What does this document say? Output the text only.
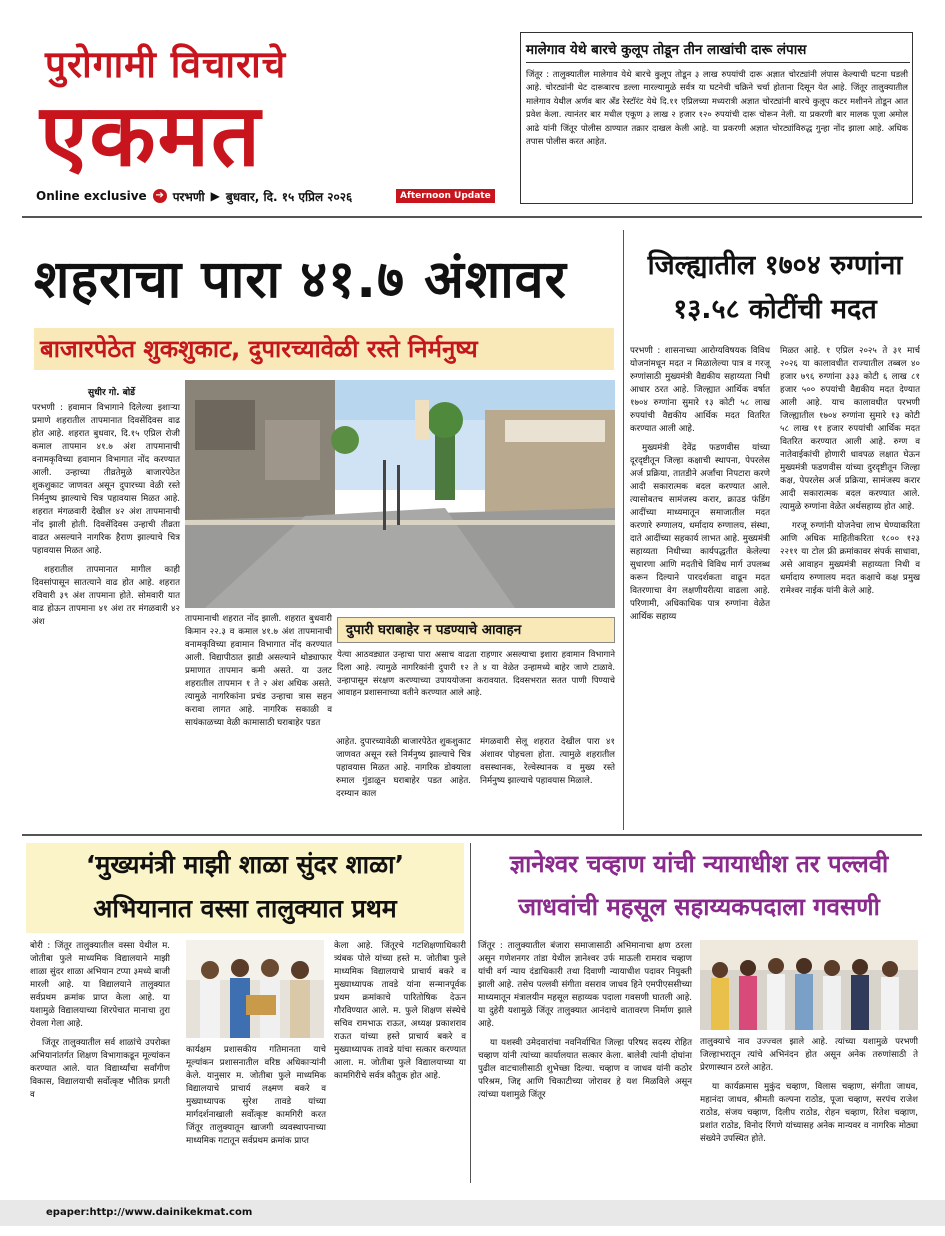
पुरोगामी विचाराचे
एकमत
Online exclusive ➔ परभणी ▶ बुधवार, दि. १५ एप्रिल २०२६	Afternoon Update
मालेगाव येथे बारचे कुलूप तोडून तीन लाखांची दारू लंपास

जिंतूर : तालुक्यातील मालेगाव येथे बारचे कुलूप तोडून ३ लाख रुपयांची दारू अज्ञात चोरट्यांनी लंपास केल्याची घटना घडली आहे. चोरट्यांनी थेट दारूबारच डल्ला मारल्यामुळे सर्वत्र या घटनेची चक्रिने चर्चा होताना दिसून येत आहे. जिंतूर तालुक्यातील मालेगाव येथील अर्णव बार अँड रेस्टॉरंट येथे दि.११ एप्रिलच्या मध्यरात्री अज्ञात चोरट्यांनी बारचे कुलूप कटर मशीनने तोडून आत प्रवेश केला. त्यानंतर बार मधील एकूण ३ लाख २ हजार १२० रुपयांची दारू चोरून नेली. या प्रकरणी बार मालक पूजा अमोल आढे यांनी जिंतूर पोलीस ठाण्यात तक्रार दाखल केली आहे. या प्रकरणी अज्ञात चोरट्यांविरुद्ध गुन्हा नोंद झाला आहे. अधिक तपास पोलीस करत आहेत.

शहराचा पारा ४१.७ अंशावर
बाजारपेठेत शुकशुकाट, दुपारच्यावेळी रस्ते निर्मनुष्य
सुधीर गो. बोर्डे

परभणी : हवामान विभागाने दिलेल्या इशाऱ्या प्रमाणे शहरातील तापमानात दिवसेंदिवस वाढ होत आहे. शहरात बुधवार, दि.१५ एप्रिल रोजी कमाल तापमान ४१.७ अंश तापमानाची वनामकृविच्या हवामान विभागात नोंद करण्यात आली. उन्हाच्या तीव्रतेमुळे बाजारपेठेत शुकशुकाट जाणवत असून दुपारच्या वेळी रस्ते निर्मनुष्य झाल्याचे चित्र पहावयास मिळत आहे. शहरात मंगळवारी देखील ४२ अंश तापमानाची नोंद झाली होती. दिवसेंदिवस उन्हाची तीव्रता वाढत असल्याने नागरिक हैराण झाल्याचे चित्र पहावयास मिळत आहे.

शहरातील तापमानात मागील काही दिवसांपासून सातत्याने वाढ होत आहे. शहरात रविवारी ३९ अंश तापमाना होते. सोमवारी यात वाढ होऊन तापमाना ४१ अंश तर मंगळवारी ४२ अंश	तापमानाची शहरात नोंद झाली. शहरात बुधवारी किमान २२.३ व कमाल ४१.७ अंश तापमानाची वनामकृविच्या हवामान विभागात नोंद करण्यात आली. विद्यापीठात झाडी असल्याने थोड्याफार प्रमाणात तापमान कमी असते. या उलट शहरातील तापमान १ ते २ अंश अधिक असते. त्यामुळे नागरिकांना प्रचंड उन्हाचा त्रास सहन करावा लागत आहे. नागरिक सकाळी व सायंकाळच्या वेळी कामासाठी घराबाहेर पडत

दुपारी घराबाहेर न पडण्याचे आवाहन

येत्या आठवड्यात उन्हाचा पारा असाच वाढता राहणार असल्याचा इशारा हवामान विभागाने दिला आहे. त्यामुळे नागरिकांनी दुपारी १२ ते ४ या वेळेत उन्हामध्ये बाहेर जाणे टाळावे. उन्हापासून संरक्षण करण्याच्या उपाययोजना करावयात. दिवसभरात सतत पाणी पिण्याचे आवाहन प्रशासनाच्या वतीने करण्यात आले आहे.

आहेत. दुपारच्यावेळी बाजारपेठेत शुकशुकाट जाणवत असून रस्ते निर्मनुष्य झाल्याचे चित्र पहावयास मिळत आहे. नागरिक डोक्याला रुमाल गुंडाळून घराबाहेर पडत आहेत. दरम्यान काल

मंगळवारी सेलू शहरात देखील पारा ४१ अंशावर पोहचला होता. त्यामुळे शहरातील वसस्थानक, रेल्वेस्थानक व मुख्य रस्ते निर्मनुष्य झाल्याचे पहावयास मिळाले.

जिल्ह्यातील १७०४ रुग्णांना
१३.५८ कोटींची मदत

परभणी : शासनाच्या आरोग्यविषयक विविध योजनांमधून मदत न मिळालेल्या पात्र व गरजू रुग्णांसाठी मुख्यमंत्री वैद्यकीय सहाय्यता निधी आधार ठरत आहे. जिल्ह्यात आर्थिक वर्षात १७०४ रुग्णांना सुमारे १३ कोटी ५८ लाख रुपयांची वैद्यकीय आर्थिक मदत वितरित करण्यात आली आहे.

मुख्यमंत्री देवेंद्र फडणवीस यांच्या दूरदृष्टीतून जिल्हा कक्षाची स्थापना, पेपरलेस अर्ज प्रक्रिया, तातडीने अर्जांचा निपटारा करणे आदी सकारात्मक बदल करण्यात आले. त्यासोबतच सामंजस्य करार, क्राउड फंडिंग आदींच्या माध्यमातून समाजातील मदत करणारे रुग्णालय, धर्मादाय रुग्णालय, संस्था, दाते आदींच्या सहकार्य लाभत आहे. मुख्यमंत्री सहाय्यता निधीच्या कार्यपद्धतीत केलेल्या सुधारणा आणि मदतीचे विविध मार्ग उपलब्ध करून दिल्याने पारदर्शकता वाढून मदत वितरणाचा वेग लक्षणीयरीत्या वाढला आहे. परिणामी, अधिकाधिक पात्र रुग्णांना वेळेत आर्थिक सहाय्य

मिळत आहे. १ एप्रिल २०२५ ते ३१ मार्च २०२६ या कालावधीत राज्यातील तब्बल ४० हजार ७९६ रुग्णांना ३३३ कोटी ६ लाख ८१ हजार ५०० रुपयांची वैद्यकीय मदत देण्यात आली आहे. याच कालावधीत परभणी जिल्ह्यातील १७०४ रुग्णांना सुमारे १३ कोटी ५८ लाख ११ हजार रुपयांची आर्थिक मदत वितरित करण्यात आली आहे. रुग्ण व नातेवाईकांची होणारी धावपळ लक्षात घेऊन मुख्यमंत्री फडणवीस यांच्या दुरदृष्टीतून जिल्हा कक्ष, पेपरलेस अर्ज प्रक्रिया, सामंजस्य करार आदी सकारात्मक बदल करण्यात आले. त्यामुळे रुग्णांना वेळेत अर्थसहाय्य होत आहे.

गरजू रुग्णांनी योजनेचा लाभ घेण्याकरिता आणि अधिक माहितीकरिता १८०० १२३ २२११ या टोल फ्री क्रमांकावर संपर्क साधावा, असे आवाहन मुख्यमंत्री सहाय्यता निधी व धर्मादाय रुग्णालय मदत कक्षाचे कक्ष प्रमुख रामेश्वर नाईक यांनी केले आहे.

‘मुख्यमंत्री माझी शाळा सुंदर शाळा’
अभियानात वस्सा तालुक्यात प्रथम

बोरी : जिंतूर तालुक्यातील वस्सा येथील म. जोतीबा फुले माध्यमिक विद्यालयाने माझी शाळा सुंदर शाळा अभियान टप्पा ३मध्ये बाजी मारली आहे. या विद्यालयाने तालुक्यात सर्वप्रथम क्रमांक प्राप्त केला आहे. या यशामुळे विद्यालयाच्या शिरपेचात मानाचा तुरा रोवला गेला आहे.

जिंतूर तालुक्यातील सर्व शाळांचे उपरोक्त अभियानांतर्गत शिक्षण विभागाकडून मूल्यांकन करण्यात आले. यात विद्यार्थ्यांचा सर्वांगीण विकास, विद्यालयाची सर्वोत्कृष्ट भौतिक प्रगती व

कार्यक्षम प्रशासकीय गतिमानता याचे मूल्यांकन प्रशासनातील वरिष्ठ अधिकाऱ्यांनी केले. यानुसार म. जोतीबा फुले माध्यमिक विद्यालयाचे प्राचार्य लक्ष्मण बकरे व मुख्याध्यापक सुरेश तावडे यांच्या मार्गदर्शनाखाली सर्वोत्कृष्ट कामगिरी करत जिंतूर तालुक्यातून खाजगी व्यवस्थापनाच्या माध्यमिक गटातून सर्वप्रथम क्रमांक प्राप्त

केला आहे. जिंतूरचे गटशिक्षणाधिकारी त्र्यंबक पोले यांच्या हस्ते म. जोतीबा फुले माध्यमिक विद्यालयाचे प्राचार्य बकरे व मुख्याध्यापक तावडे यांना सन्मानपूर्वक प्रथम क्रमांकाचे पारितोषिक देऊन गौरविण्यात आले. म. फुले शिक्षण संस्थेचे सचिव रामभाऊ राऊत, अध्यक्ष प्रकाशराव राऊत यांच्या हस्ते प्राचार्य बकरे व मुख्याध्यापक तावडे यांचा सत्कार करण्यात आला. म. जोतीबा फुले विद्यालयाच्या या कामगिरीचे सर्वत्र कौतुक होत आहे.

ज्ञानेश्वर चव्हाण यांची न्यायाधीश तर पल्लवी
जाधवांची महसूल सहाय्यकपदाला गवसणी

जिंतूर : तालुक्यातील बंजारा समाजासाठी अभिमानाचा क्षण ठरला असून गणेशनगर तांडा येथील ज्ञानेश्वर उर्फ माऊली रामराव चव्हाण यांची वर्ग न्याय दंडाधिकारी तथा दिवाणी न्यायाधीश पदावर नियुक्ती झाली आहे. तसेच पल्लवी संगीता वसराव जाधव हिने एमपीएससीच्या माध्यमातून मंत्रालयीन महसूल सहाय्यक पदाला गवसणी घातली आहे. या दुहेरी यशामुळे जिंतूर तालुक्यात आनंदाचे वातावरण निर्माण झाले आहे.

या यशस्वी उमेदवारांचा नवनिर्वाचित जिल्हा परिषद सदस्य रोहित चव्हाण यांनी त्यांच्या कार्यालयात सत्कार केला. बालेवी त्यांनी दोघांना पुढील वाटचालीसाठी शुभेच्छा दिल्या. चव्हाण व जाधव यांनी कठोर परिश्रम, जिद्द आणि चिकाटीच्या जोरावर हे यश मिळविले असून त्यांच्या यशामुळे जिंतूर

तालुक्याचे नाव उज्ज्वल झाले आहे. त्यांच्या यशामुळे परभणी जिल्हाभरातून त्यांचे अभिनंदन होत असून अनेक तरुणांसाठी ते प्रेरणास्थान ठरले आहेत.

या कार्यक्रमास मुकुंद चव्हाण, विलास चव्हाण, संगीता जाधव, महानंदा जाधव, श्रीमती कल्पना राठोड, पूजा चव्हाण, सरपंच राजेश राठोड, संजय चव्हाण, दिलीप राठोड, रोहन चव्हाण, रितेश चव्हाण, प्रशांत राठोड, विनोद रिंगणे यांच्यासह अनेक मान्यवर व नागरिक मोठ्या संख्येने उपस्थित होते.

epaper:http://www.dainikekmat.com
